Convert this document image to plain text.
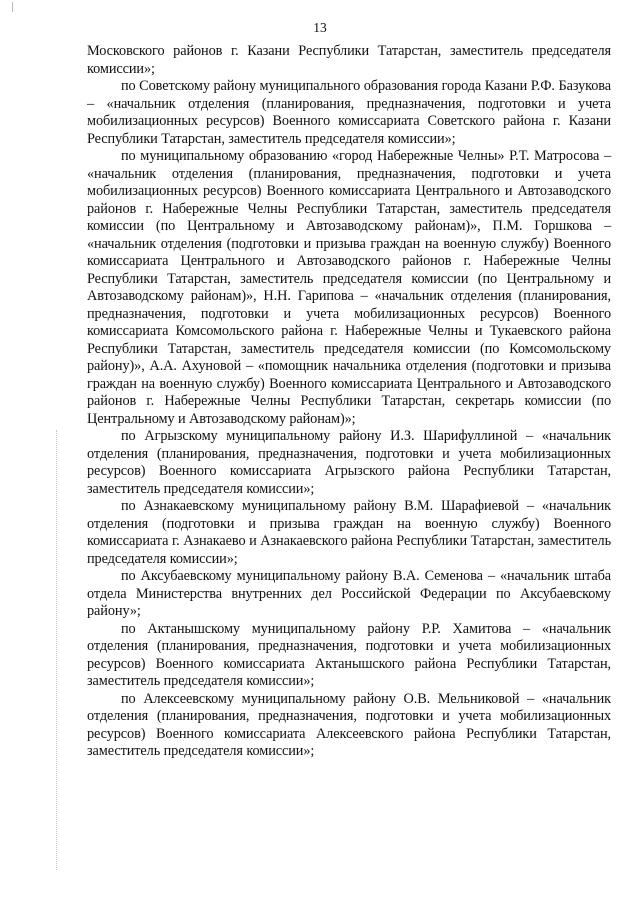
13

Московского районов г. Казани Республики Татарстан, заместитель председателя комиссии»;

по Советскому району муниципального образования города Казани Р.Ф. Базукова – «начальник отделения (планирования, предназначения, подготовки и учета мобилизационных ресурсов) Военного комиссариата Советского района г. Казани Республики Татарстан, заместитель председателя комиссии»;

по муниципальному образованию «город Набережные Челны» Р.Т. Матросова – «начальник отделения (планирования, предназначения, подготовки и учета мобилизационных ресурсов) Военного комиссариата Центрального и Автозаводского районов г. Набережные Челны Республики Татарстан, заместитель председателя комиссии (по Центральному и Автозаводскому районам)», П.М. Горшкова – «начальник отделения (подготовки и призыва граждан на военную службу) Военного комиссариата Центрального и Автозаводского районов г. Набережные Челны Республики Татарстан, заместитель председателя комиссии (по Центральному и Автозаводскому районам)», Н.Н. Гарипова – «начальник отделения (планирования, предназначения, подготовки и учета мобилизационных ресурсов) Военного комиссариата Комсомольского района г. Набережные Челны и Тукаевского района Республики Татарстан, заместитель председателя комиссии (по Комсомольскому району)», А.А. Ахуновой – «помощник начальника отделения (подготовки и призыва граждан на военную службу) Военного комиссариата Центрального и Автозаводского районов г. Набережные Челны Республики Татарстан, секретарь комиссии (по Центральному и Автозаводскому районам)»;

по Агрызскому муниципальному району И.З. Шарифуллиной – «начальник отделения (планирования, предназначения, подготовки и учета мобилизационных ресурсов) Военного комиссариата Агрызского района Республики Татарстан, заместитель председателя комиссии»;

по Азнакаевскому муниципальному району В.М. Шарафиевой – «начальник отделения (подготовки и призыва граждан на военную службу) Военного комиссариата г. Азнакаево и Азнакаевского района Республики Татарстан, заместитель председателя комиссии»;

по Аксубаевскому муниципальному району В.А. Семенова – «начальник штаба отдела Министерства внутренних дел Российской Федерации по Аксубаевскому району»;

по Актанышскому муниципальному району Р.Р. Хамитова – «начальник отделения (планирования, предназначения, подготовки и учета мобилизационных ресурсов) Военного комиссариата Актанышского района Республики Татарстан, заместитель председателя комиссии»;

по Алексеевскому муниципальному району О.В. Мельниковой – «начальник отделения (планирования, предназначения, подготовки и учета мобилизационных ресурсов) Военного комиссариата Алексеевского района Республики Татарстан, заместитель председателя комиссии»;
